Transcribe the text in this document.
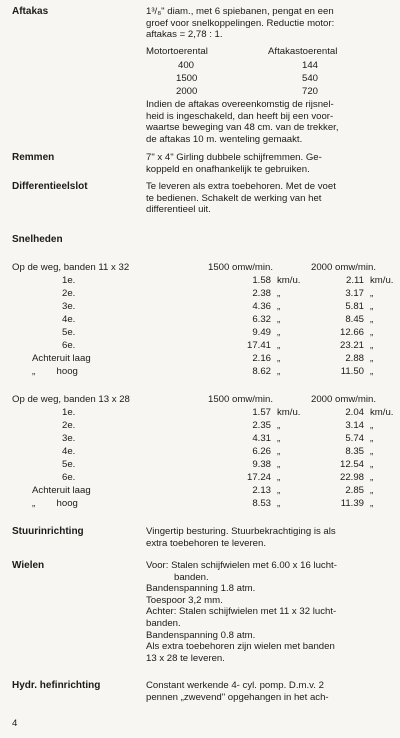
Aftakas	1³/₈" diam., met 6 spiebanen, pengat en een
groef voor snelkoppelingen. Reductie motor:
aftakas = 2,78 : 1.
Motortoerental	Aftakastoerental
400	144
1500	540
2000	720
Indien de aftakas overeenkomstig de rijsnel-
heid is ingeschakeld, dan heeft bij een voor-
waartse beweging van 48 cm. van de trekker,
de aftakas 10 m. wenteling gemaakt.
Remmen	7" x 4" Girling dubbele schijfremmen. Ge-
koppeld en onafhankelijk te gebruiken.
Differentieelslot	Te leveren als extra toebehoren. Met de voet
te bedienen. Schakelt de werking van het
differentieel uit.
Snelheden
Op de weg, banden 11 x 32	1500 omw/min.	2000 omw/min.
1e.	1.58 km/u.	2.11 km/u.
2e.	2.38 „	3.17 „
3e.	4.36 „	5.81 „
4e.	6.32 „	8.45 „
5e.	9.49 „	12.66 „
6e.	17.41 „	23.21 „
Achteruit laag	2.16 „	2.88 „
„        hoog	8.62 „	11.50 „
Op de weg, banden 13 x 28	1500 omw/min.	2000 omw/min.
1e.	1.57 km/u.	2.04 km/u.
2e.	2.35 „	3.14 „
3e.	4.31 „	5.74 „
4e.	6.26 „	8.35 „
5e.	9.38 „	12.54 „
6e.	17.24 „	22.98 „
Achteruit laag	2.13 „	2.85 „
„        hoog	8.53 „	11.39 „
Stuurinrichting	Vingertip besturing. Stuurbekrachtiging is als
extra toebehoren te leveren.
Wielen	Voor: Stalen schijfwielen met 6.00 x 16 lucht-
banden.
Bandenspanning 1.8 atm.
Toespoor 3,2 mm.
Achter: Stalen schijfwielen met 11 x 32 lucht-
banden.
Bandenspanning 0.8 atm.
Als extra toebehoren zijn wielen met banden
13 x 28 te leveren.
Hydr. hefinrichting	Constant werkende 4- cyl. pomp. D.m.v. 2
pennen „zwevend" opgehangen in het ach-
4
